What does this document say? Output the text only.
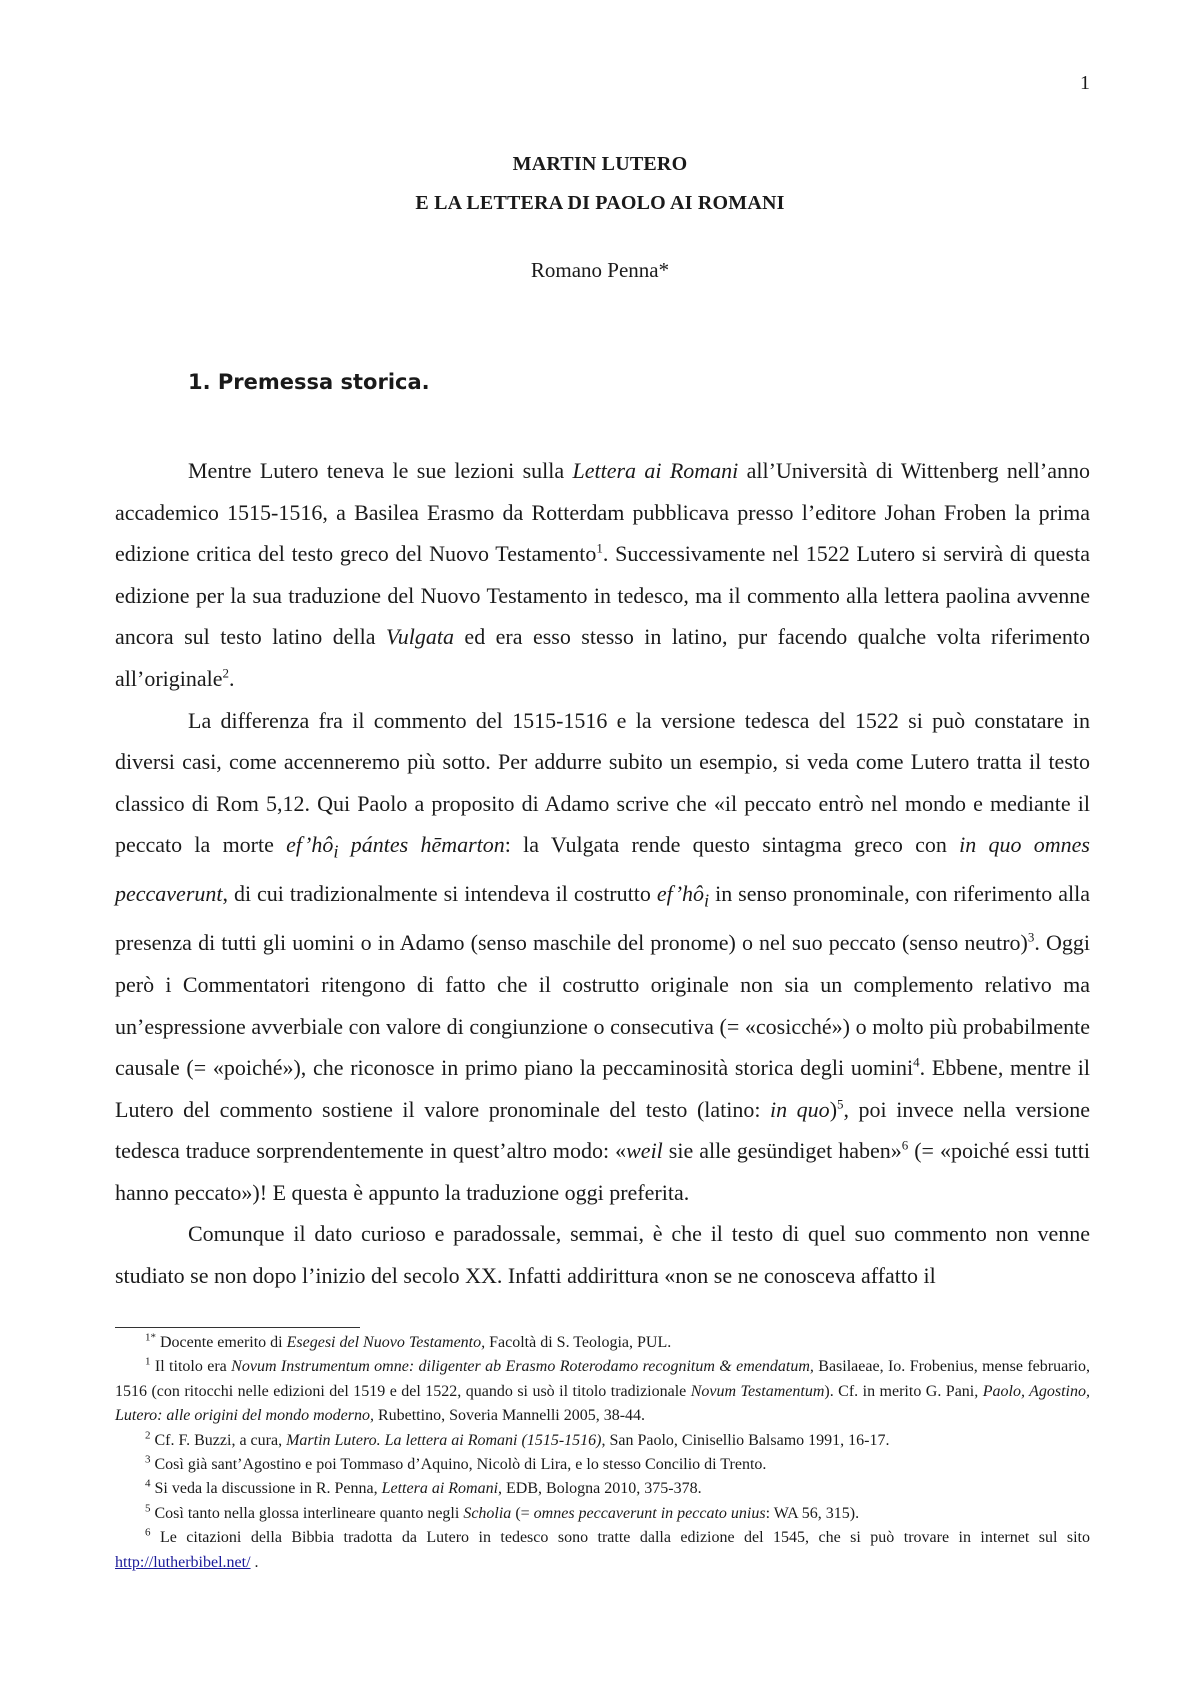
1
MARTIN LUTERO
E LA LETTERA DI PAOLO AI ROMANI
Romano Penna*
1. Premessa storica.

Mentre Lutero teneva le sue lezioni sulla Lettera ai Romani all’Università di Wittenberg nell’anno accademico 1515-1516, a Basilea Erasmo da Rotterdam pubblicava presso l’editore Johan Froben la prima edizione critica del testo greco del Nuovo Testamento$^1$. Successivamente nel 1522 Lutero si servirà di questa edizione per la sua traduzione del Nuovo Testamento in tedesco, ma il commento alla lettera paolina avvenne ancora sul testo latino della Vulgata ed era esso stesso in latino, pur facendo qualche volta riferimento all’originale$^2$.

La differenza fra il commento del 1515-1516 e la versione tedesca del 1522 si può constatare in diversi casi, come accenneremo più sotto. Per addurre subito un esempio, si veda come Lutero tratta il testo classico di Rom 5,12. Qui Paolo a proposito di Adamo scrive che «il peccato entrò nel mondo e mediante il peccato la morte $ef’hô_i$ pántes hēmarton: la Vulgata rende questo sintagma greco con in quo omnes peccaverunt, di cui tradizionalmente si intendeva il costrutto $ef’hô_i$ in senso pronominale, con riferimento alla presenza di tutti gli uomini o in Adamo (senso maschile del pronome) o nel suo peccato (senso neutro)$^3$. Oggi però i Commentatori ritengono di fatto che il costrutto originale non sia un complemento relativo ma un’espressione avverbiale con valore di congiunzione o consecutiva (= «cosicché») o molto più probabilmente causale (= «poiché»), che riconosce in primo piano la peccaminosità storica degli uomini$^4$. Ebbene, mentre il Lutero del commento sostiene il valore pronominale del testo (latino: in quo)$^5$, poi invece nella versione tedesca traduce sorprendentemente in quest’altro modo: «weil sie alle gesündiget haben»$^6$ (= «poiché essi tutti hanno peccato»)! E questa è appunto la traduzione oggi preferita.

Comunque il dato curioso e paradossale, semmai, è che il testo di quel suo commento non venne studiato se non dopo l’inizio del secolo XX. Infatti addirittura «non se ne conosceva affatto il

$^{1*}$ Docente emerito di Esegesi del Nuovo Testamento, Facoltà di S. Teologia, PUL.

$^1$ Il titolo era Novum Instrumentum omne: diligenter ab Erasmo Roterodamo recognitum & emendatum, Basilaeae, Io. Frobenius, mense februario, 1516 (con ritocchi nelle edizioni del 1519 e del 1522, quando si usò il titolo tradizionale Novum Testamentum). Cf. in merito G. Pani, Paolo, Agostino, Lutero: alle origini del mondo moderno, Rubettino, Soveria Mannelli 2005, 38-44.

$^2$ Cf. F. Buzzi, a cura, Martin Lutero. La lettera ai Romani (1515-1516), San Paolo, Cinisellio Balsamo 1991, 16-17.

$^3$ Così già sant’Agostino e poi Tommaso d’Aquino, Nicolò di Lira, e lo stesso Concilio di Trento.

$^4$ Si veda la discussione in R. Penna, Lettera ai Romani, EDB, Bologna 2010, 375-378.

$^5$ Così tanto nella glossa interlineare quanto negli Scholia (= omnes peccaverunt in peccato unius: WA 56, 315).

$^6$ Le citazioni della Bibbia tradotta da Lutero in tedesco sono tratte dalla edizione del 1545, che si può trovare in internet sul sito http://lutherbibel.net/ .
